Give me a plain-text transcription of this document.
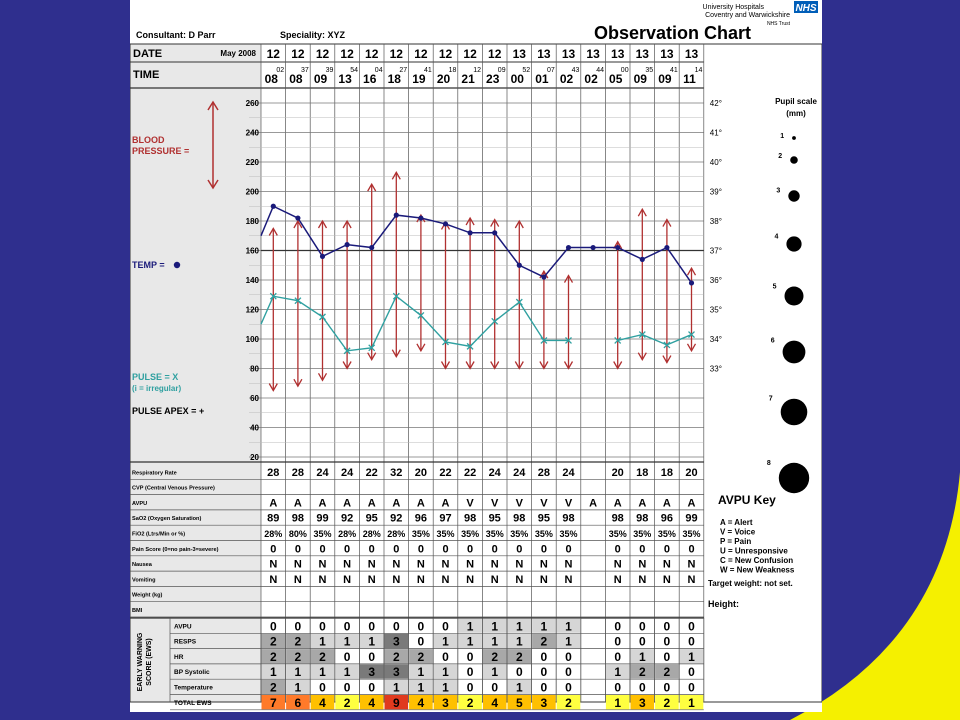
Consultant: D Parr	Speciality: XYZ
University Hospitals
Coventry and Warwickshire
NHS Trust
NHS
Observation Chart
DATE	May 2008
TIME
BLOOD
PRESSURE =
TEMP =
PULSE = X
(i = irregular)
PULSE APEX = +
12 12 12 12 12 12 12 12 12 12 13 13 13 13 13 13 13 13
02 37 39 54 04 27 41 18 12 09 52 07 43 44 00 35 41 14
08 08 09 13 16 18 19 20 21 23 00 01 02 02 05 09 09 11
260
240
220
200
180
160
140
120
100
80
60
40
20
42°
41°
40°
39°
38°
37°
36°
35°
34°
33°
Pupil scale
(mm)
1
2
3
4
5
6
7
8
Respiratory Rate	28 28 24 24 22 32 20 22 22 24 24 28 24	20 18 18 20
CVP (Central Venous Pressure)
AVPU	A A A A A A A A V V V V V A A A A A
SaO2 (Oxygen Saturation)	89 98 99 92 95 92 96 97 98 95 98 95 98	98 98 96 99
FiO2 (Ltrs/Min or %)	28% 80% 35% 28% 28% 28% 35% 35% 35% 35% 35% 35% 35%	35% 35% 35% 35%
Pain Score (0=no pain-3=severe)	0 0 0 0 0 0 0 0 0 0 0 0 0	0 0 0 0
Nausea	N N N N N N N N N N N N N	N N N N
Vomiting	N N N N N N N N N N N N N	N N N N
Weight (kg)
BMI
EARLY WARNING SCORE (EWS)
AVPU	0 0 0 0 0 0 0 0 1 1 1 1 1	0 0 0 0
RESPS	2 2 1 1 1 3 0 1 1 1 1 2 1	0 0 0 0
HR	2 2 2 0 0 2 2 0 0 2 2 0 0	0 1 0 1
BP Systolic	1 1 1 1 3 3 1 1 0 1 0 0 0	1 2 2 0
Temperature	2 1 0 0 0 1 1 1 0 0 1 0 0	0 0 0 0
TOTAL EWS	7 6 4 2 4 9 4 3 2 4 5 3 2	1 3 2 1
AVPU Key
A = Alert
V = Voice
P = Pain
U = Unresponsive
C = New Confusion
W = New Weakness
Target weight: not set.
Height:
